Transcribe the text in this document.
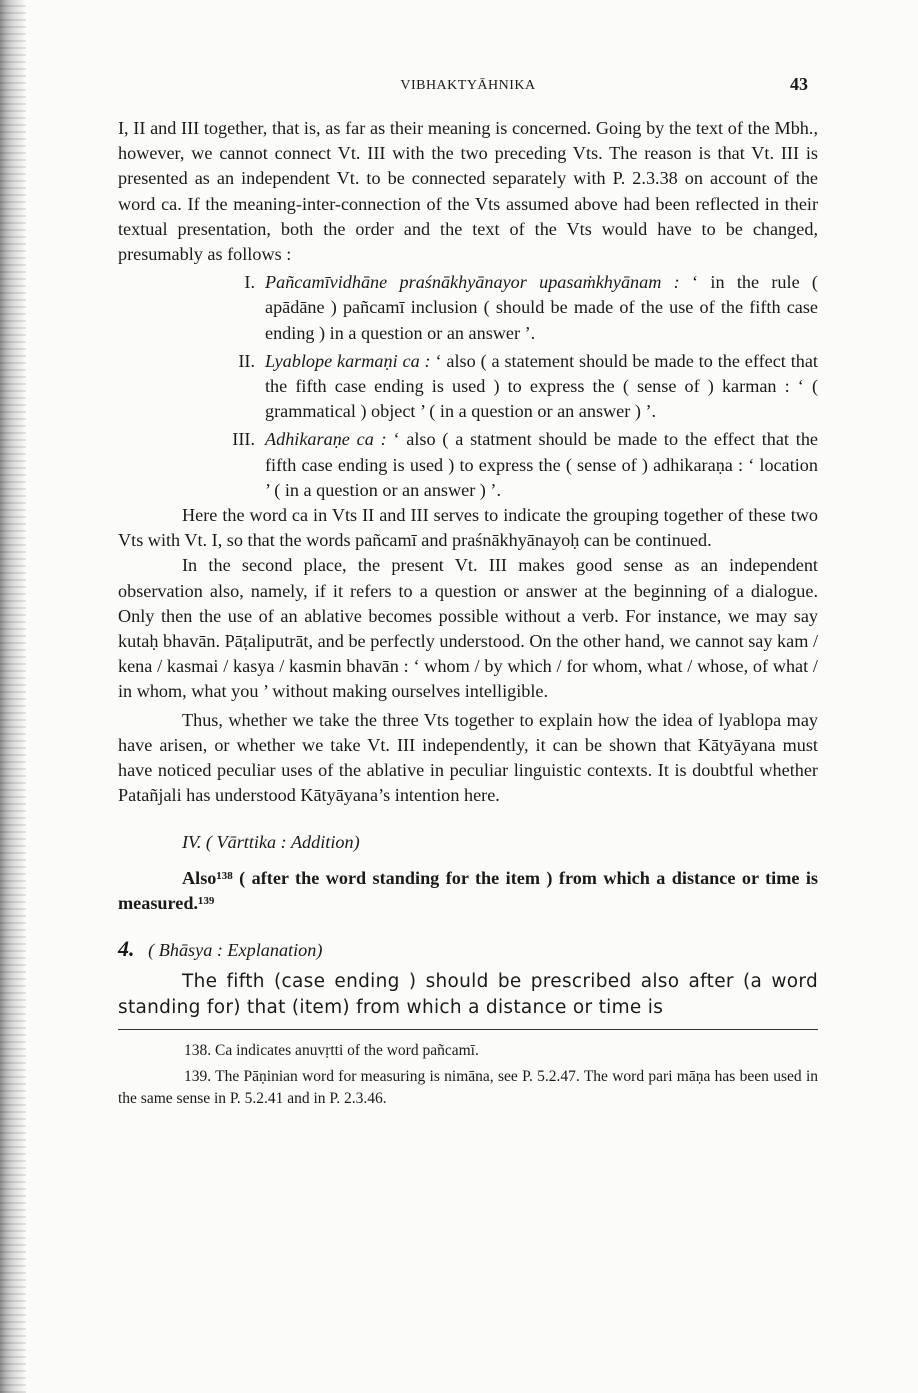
VIBHAKTYĀHNIKA	43

I, II and III together, that is, as far as their meaning is concerned. Going by the text of the Mbh., however, we cannot connect Vt. III with the two preceding Vts. The reason is that Vt. III is presented as an independent Vt. to be connected separately with P. 2.3.38 on account of the word ca. If the meaning-inter-connection of the Vts assumed above had been reflected in their textual presentation, both the order and the text of the Vts would have to be changed, presumably as follows :

I. Pañcamīvidhāne praśnākhyānayor upasaṁkhyānam : ‘ in the rule ( apādāne ) pañcamī inclusion ( should be made of the use of the fifth case ending ) in a question or an answer ’.
II. Lyablope karmaṇi ca : ‘ also ( a statement should be made to the effect that the fifth case ending is used ) to express the ( sense of ) karman : ‘ ( grammatical ) object ’ ( in a question or an answer ) ’.
III. Adhikaraṇe ca : ‘ also ( a statment should be made to the effect that the fifth case ending is used ) to express the ( sense of ) adhikaraṇa : ‘ location ’ ( in a question or an answer ) ’.

Here the word ca in Vts II and III serves to indicate the grouping together of these two Vts with Vt. I, so that the words pañcamī and praśnākhyānayoḥ can be continued.

In the second place, the present Vt. III makes good sense as an independent observation also, namely, if it refers to a question or answer at the beginning of a dialogue. Only then the use of an ablative becomes possible without a verb. For instance, we may say kutaḥ bhavān. Pāṭaliputrāt, and be perfectly understood. On the other hand, we cannot say kam / kena / kasmai / kasya / kasmin bhavān : ‘ whom / by which / for whom, what / whose, of what / in whom, what you ’ without making ourselves intelligible.

Thus, whether we take the three Vts together to explain how the idea of lyablopa may have arisen, or whether we take Vt. III independently, it can be shown that Kātyāyana must have noticed peculiar uses of the ablative in peculiar linguistic contexts. It is doubtful whether Patañjali has understood Kātyāyana’s intention here.

IV. ( Vārttika : Addition)

Also¹³⁸ ( after the word standing for the item ) from which a distance or time is measured.¹³⁹

4. ( Bhāsya : Explanation)

The fifth (case ending ) should be prescribed also after (a word standing for) that (item) from which a distance or time is

138. Ca indicates anuvṛtti of the word pañcamī.

139. The Pāṇinian word for measuring is nimāna, see P. 5.2.47. The word pari māṇa has been used in the same sense in P. 5.2.41 and in P. 2.3.46.
